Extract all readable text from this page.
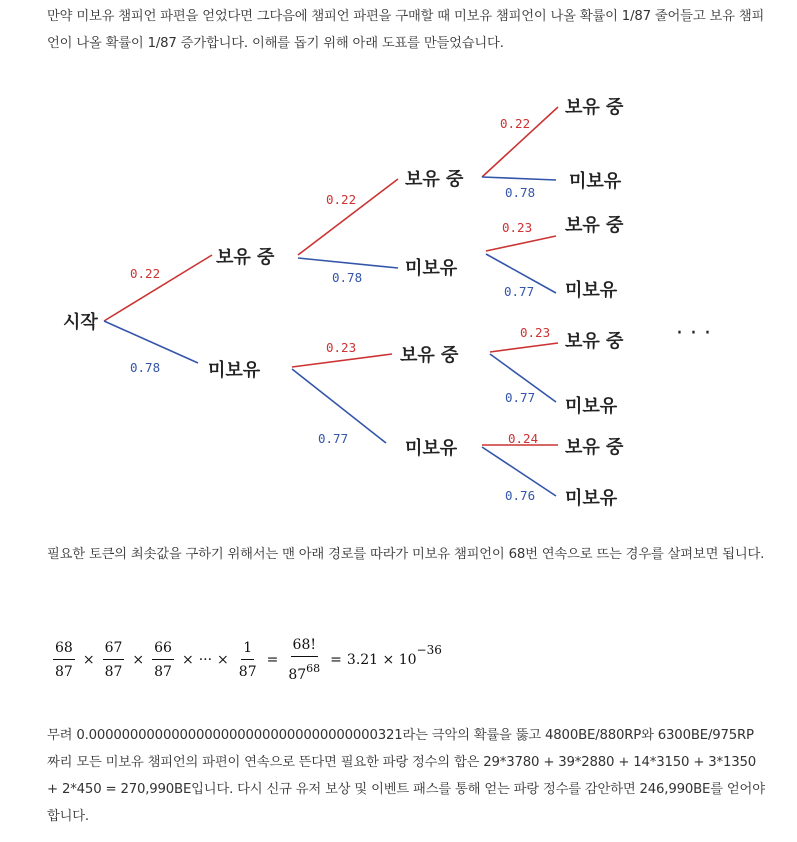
만약 미보유 챔피언 파편을 얻었다면 그다음에 챔피언 파편을 구매할 때 미보유 챔피언이 나올 확률이 1/87 줄어들고 보유 챔피언이 나올 확률이 1/87 증가합니다. 이해를 돕기 위해 아래 도표를 만들었습니다.
시작
보유 중
미보유
보유 중
미보유
보유 중
미보유
보유 중
미보유
보유 중
미보유
보유 중
미보유
보유 중
미보유
0.22
0.78
0.22
0.78
0.23
0.77
0.22
0.78
0.23
0.77
0.23
0.77
0.24
0.76
· · ·
필요한 토큰의 최솟값을 구하기 위해서는 맨 아래 경로를 따라가 미보유 챔피언이 68번 연속으로 뜨는 경우를 살펴보면 됩니다.
$\frac{68}{87} \times \frac{67}{87} \times \frac{66}{87}$ × ··· × $\frac{1}{87} = \frac{68!}{87^{68}} = 3.21 \times 10$
−36
무려 0.00000000000000000000000000000000000321라는 극악의 확률을 뚫고 4800BE/880RP와 6300BE/975RP 짜리 모든 미보유 챔피언의 파편이 연속으로 뜬다면 필요한 파랑 정수의 합은 29*3780 + 39*2880 + 14*3150 + 3*1350 + 2*450 = 270,990BE입니다. 다시 신규 유저 보상 및 이벤트 패스를 통해 얻는 파랑 정수를 감안하면 246,990BE를 얻어야 합니다.
